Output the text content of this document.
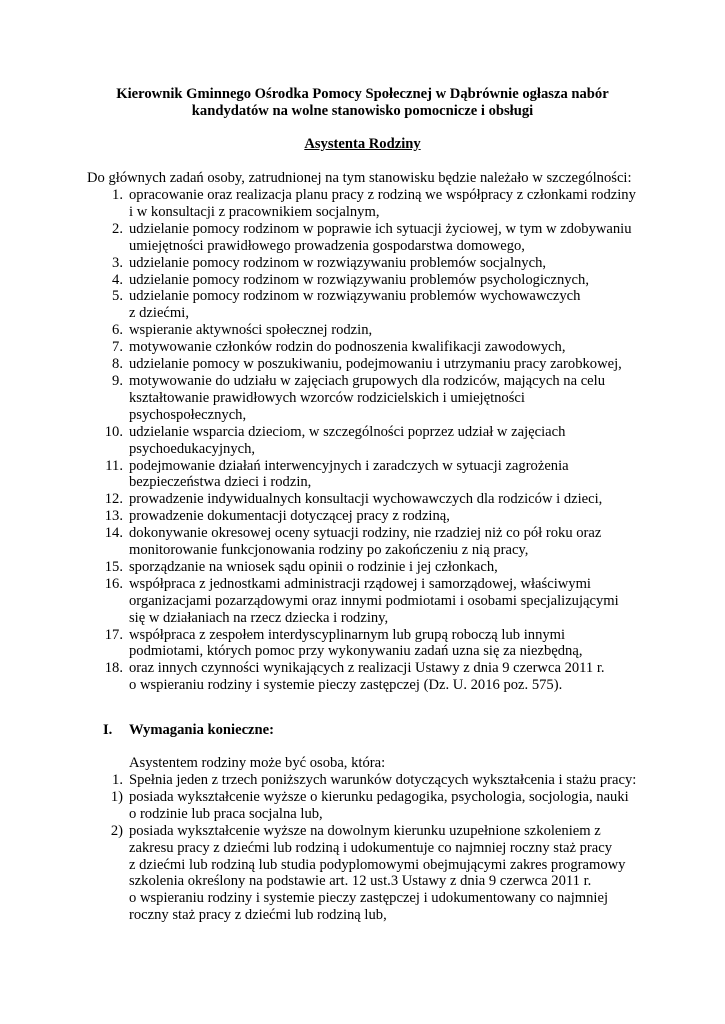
Kierownik Gminnego Ośrodka Pomocy Społecznej w Dąbrównie ogłasza nabór
kandydatów na wolne stanowisko pomocnicze i obsługi
Asystenta Rodziny
Do głównych zadań osoby, zatrudnionej na tym stanowisku będzie należało w szczególności:
1. opracowanie oraz realizacja planu pracy z rodziną we współpracy z członkami rodziny
i w konsultacji z pracownikiem socjalnym,
2. udzielanie pomocy rodzinom w poprawie ich sytuacji życiowej, w tym w zdobywaniu
umiejętności prawidłowego prowadzenia gospodarstwa domowego,
3. udzielanie pomocy rodzinom w rozwiązywaniu problemów socjalnych,
4. udzielanie pomocy rodzinom w rozwiązywaniu problemów psychologicznych,
5. udzielanie pomocy rodzinom w rozwiązywaniu problemów wychowawczych
z dziećmi,
6. wspieranie aktywności społecznej rodzin,
7. motywowanie członków rodzin do podnoszenia kwalifikacji zawodowych,
8. udzielanie pomocy w poszukiwaniu, podejmowaniu i utrzymaniu pracy zarobkowej,
9. motywowanie do udziału w zajęciach grupowych dla rodziców, mających na celu
kształtowanie prawidłowych wzorców rodzicielskich i umiejętności
psychospołecznych,
10. udzielanie wsparcia dzieciom, w szczególności poprzez udział w zajęciach
psychoedukacyjnych,
11. podejmowanie działań interwencyjnych i zaradczych w sytuacji zagrożenia
bezpieczeństwa dzieci i rodzin,
12. prowadzenie indywidualnych konsultacji wychowawczych dla rodziców i dzieci,
13. prowadzenie dokumentacji dotyczącej pracy z rodziną,
14. dokonywanie okresowej oceny sytuacji rodziny, nie rzadziej niż co pół roku oraz
monitorowanie funkcjonowania rodziny po zakończeniu z nią pracy,
15. sporządzanie na wniosek sądu opinii o rodzinie i jej członkach,
16. współpraca z jednostkami administracji rządowej i samorządowej, właściwymi
organizacjami pozarządowymi oraz innymi podmiotami i osobami specjalizującymi
się w działaniach na rzecz dziecka i rodziny,
17. współpraca z zespołem interdyscyplinarnym lub grupą roboczą lub innymi
podmiotami, których pomoc przy wykonywaniu zadań uzna się za niezbędną,
18. oraz innych czynności wynikających z realizacji Ustawy z dnia 9 czerwca 2011 r.
o wspieraniu rodziny i systemie pieczy zastępczej (Dz. U. 2016 poz. 575).
I. Wymagania konieczne:
Asystentem rodziny może być osoba, która:
1. Spełnia jeden z trzech poniższych warunków dotyczących wykształcenia i stażu pracy:
1) posiada wykształcenie wyższe o kierunku pedagogika, psychologia, socjologia, nauki
o rodzinie lub praca socjalna lub,
2) posiada wykształcenie wyższe na dowolnym kierunku uzupełnione szkoleniem z
zakresu pracy z dziećmi lub rodziną i udokumentuje co najmniej roczny staż pracy
z dziećmi lub rodziną lub studia podyplomowymi obejmującymi zakres programowy
szkolenia określony na podstawie art. 12 ust.3 Ustawy z dnia 9 czerwca 2011 r.
o wspieraniu rodziny i systemie pieczy zastępczej i udokumentowany co najmniej
roczny staż pracy z dziećmi lub rodziną lub,
